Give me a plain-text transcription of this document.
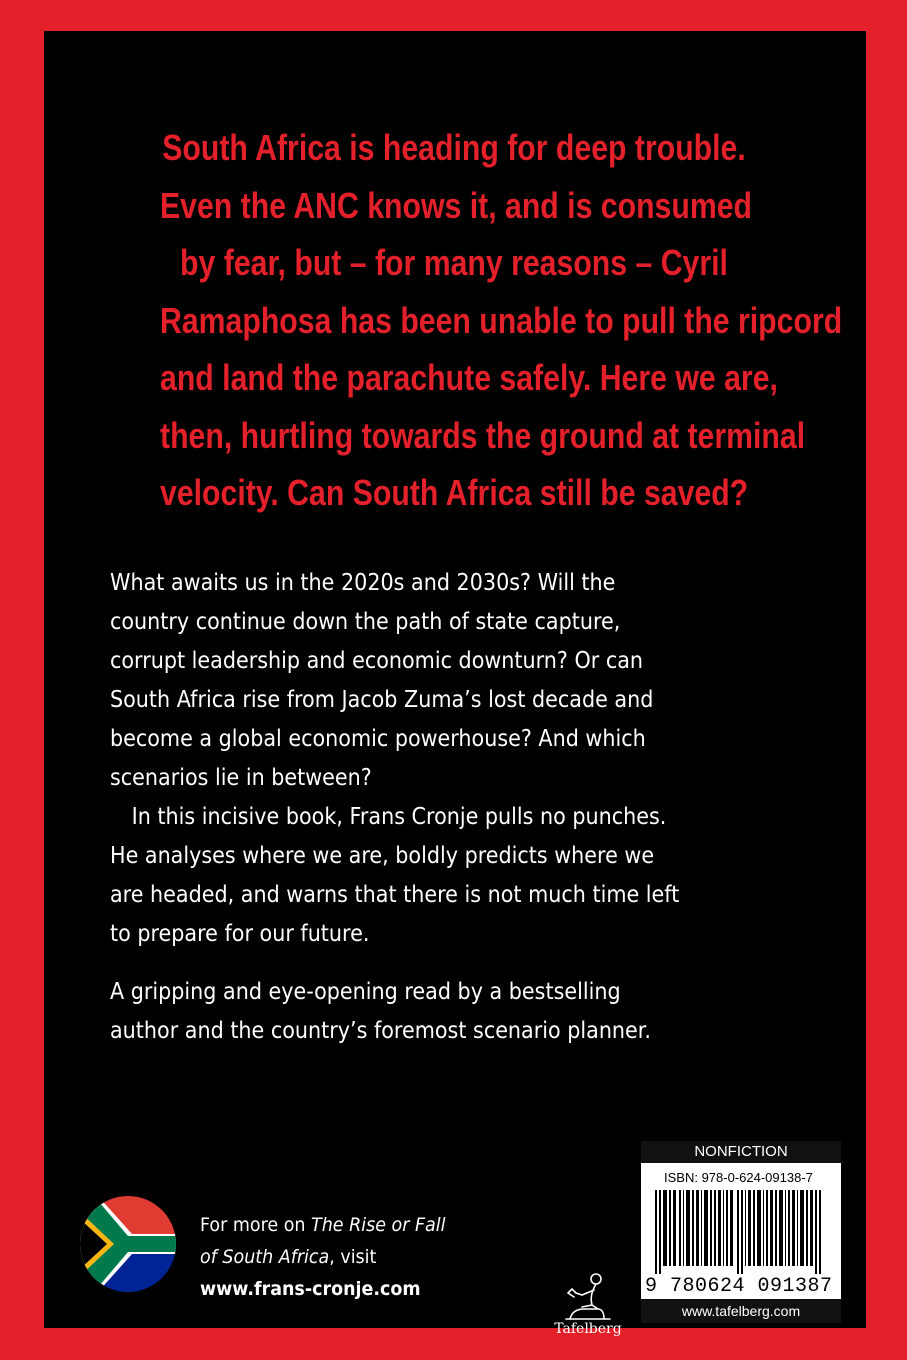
South Africa is heading for deep trouble.
Even the ANC knows it, and is consumed
by fear, but – for many reasons – Cyril
Ramaphosa has been unable to pull the ripcord
and land the parachute safely. Here we are,
then, hurtling towards the ground at terminal
velocity. Can South Africa still be saved?
What awaits us in the 2020s and 2030s? Will the
country continue down the path of state capture,
corrupt leadership and economic downturn? Or can
South Africa rise from Jacob Zuma’s lost decade and
become a global economic powerhouse? And which
scenarios lie in between?
In this incisive book, Frans Cronje pulls no punches.
He analyses where we are, boldly predicts where we
are headed, and warns that there is not much time left
to prepare for our future.
A gripping and eye-opening read by a bestselling
author and the country’s foremost scenario planner.
For more on The Rise or Fall
of South Africa, visit
www.frans-cronje.com
Tafelberg
NONFICTION
ISBN: 978-0-624-09138-7
9 780624 091387
www.tafelberg.com
